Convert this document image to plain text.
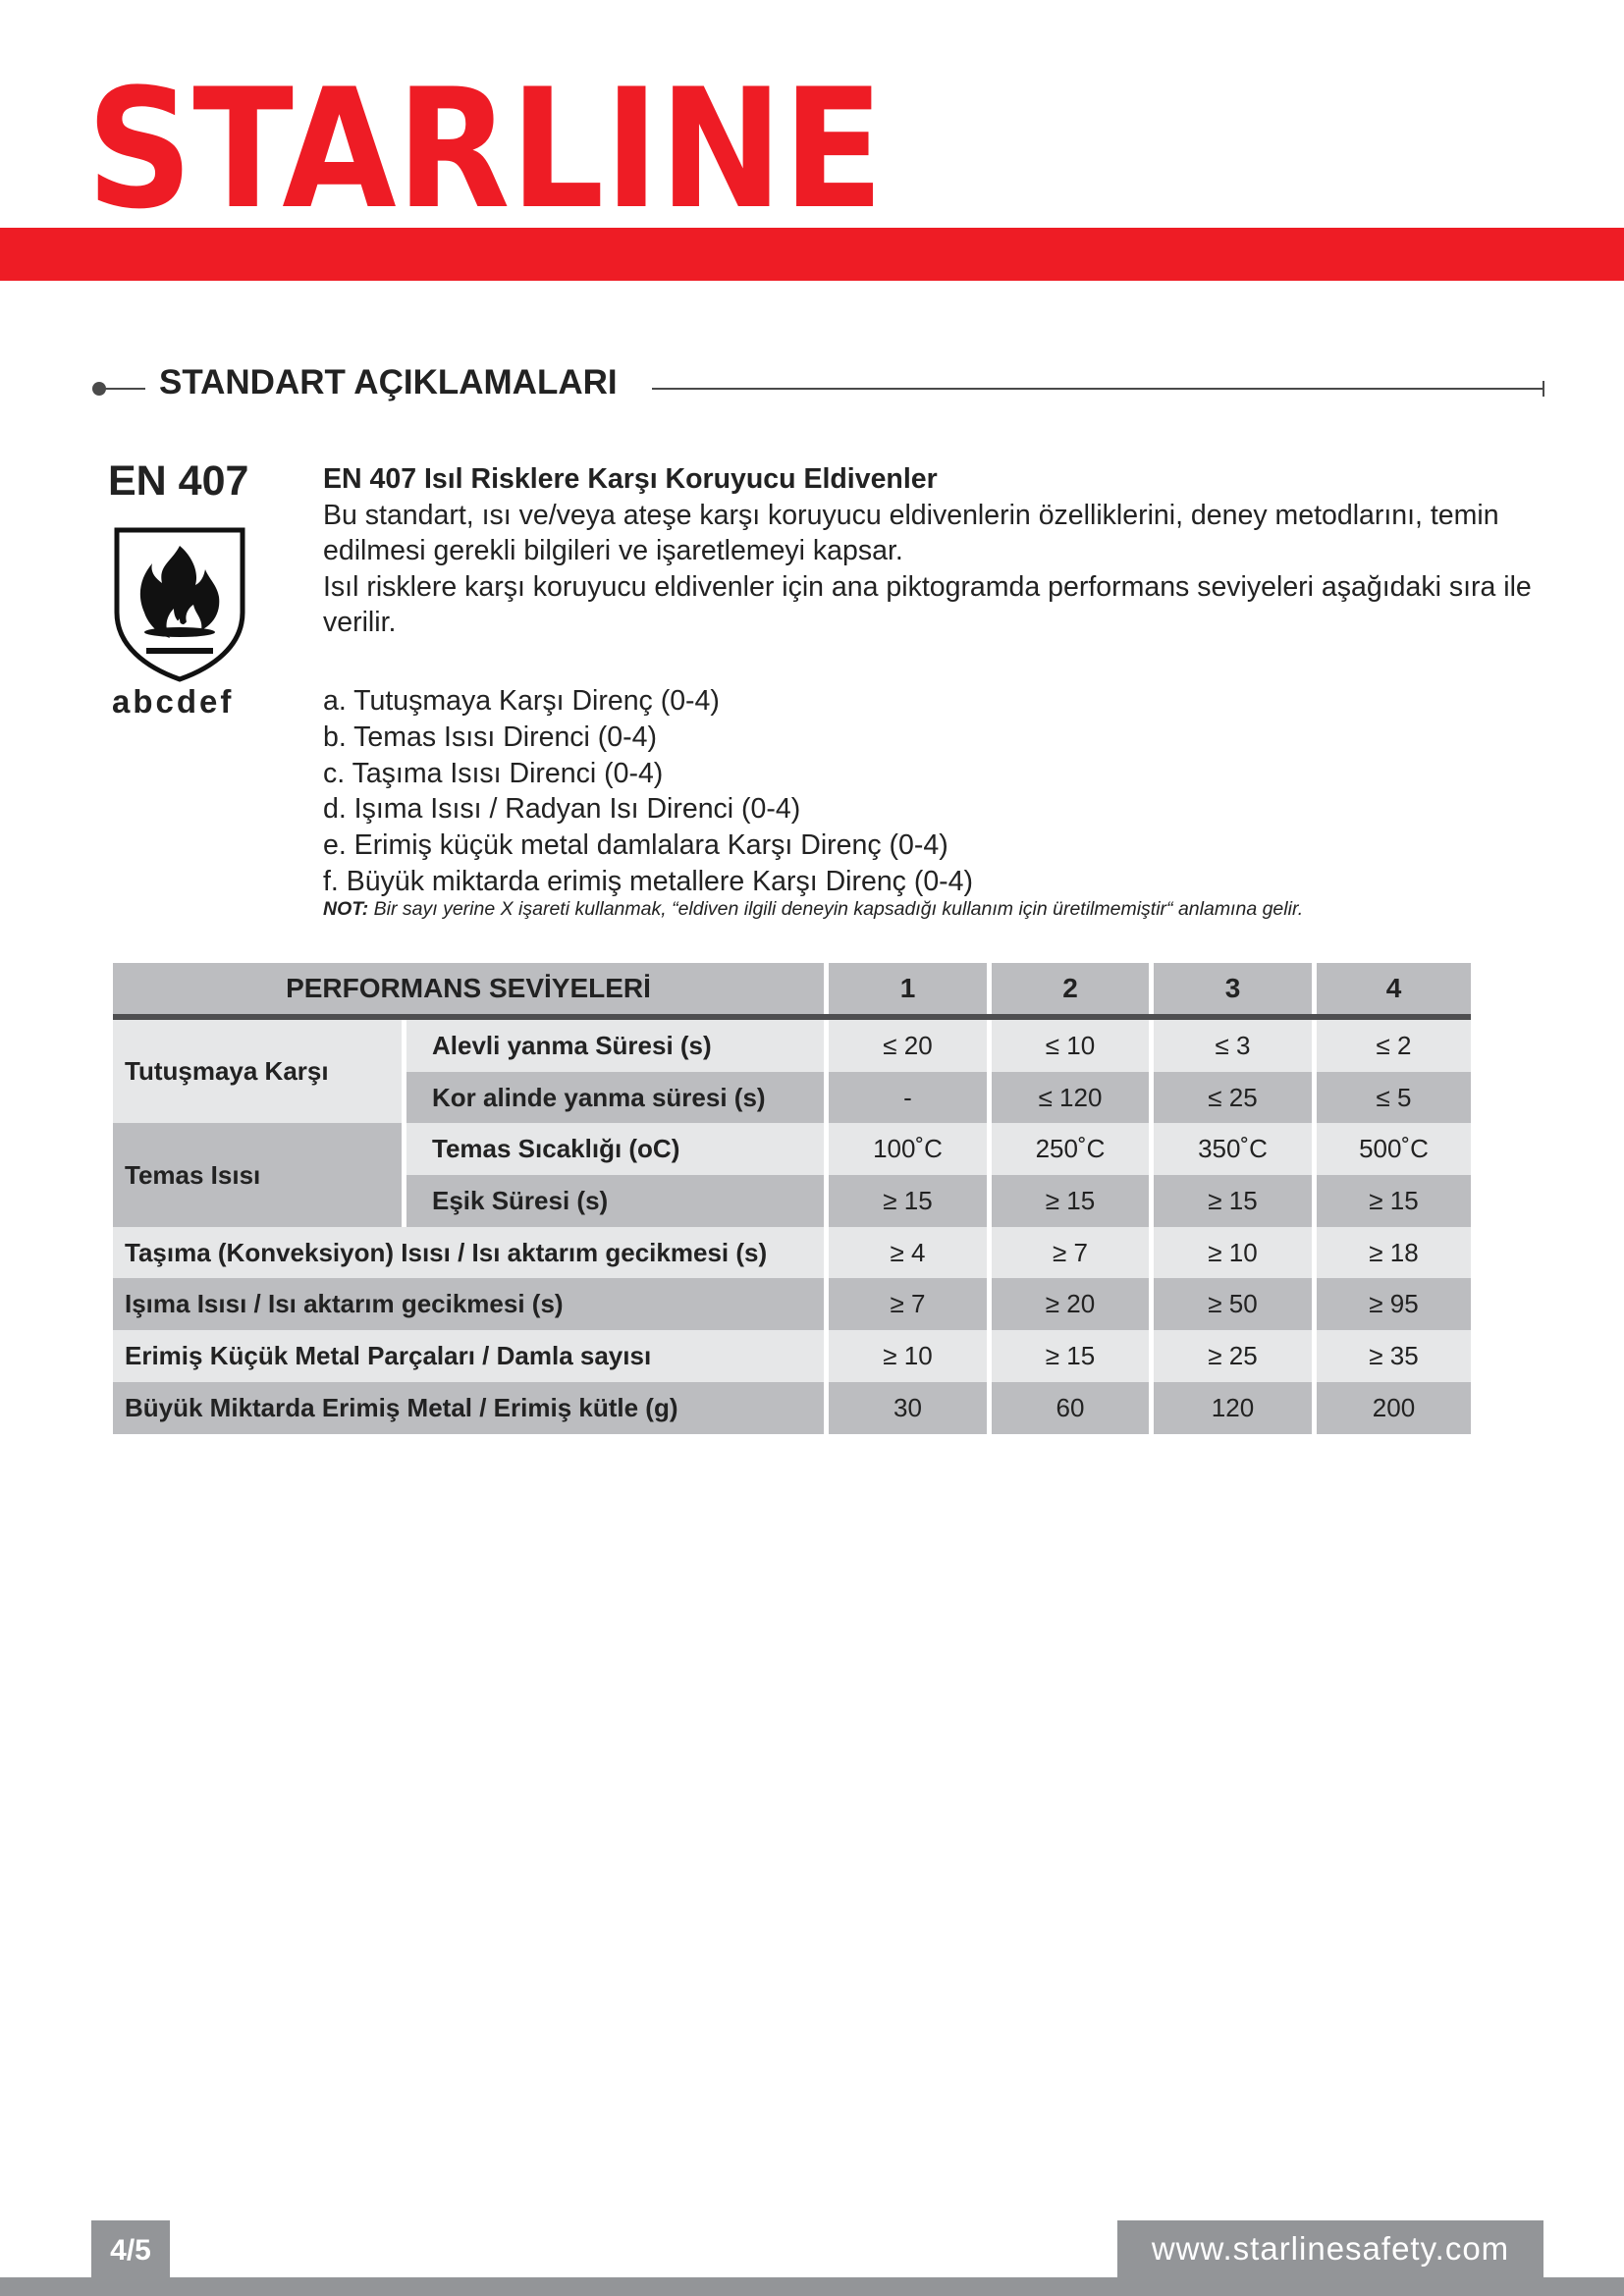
STARLINE
STANDART AÇIKLAMALARI
EN 407
abcdef

EN 407 Isıl Risklere Karşı Koruyucu Eldivenler

Bu standart, ısı ve/veya ateşe karşı koruyucu eldivenlerin özelliklerini, deney metodlarını, temin edilmesi gerekli bilgileri ve işaretlemeyi kapsar.

Isıl risklere karşı koruyucu eldivenler için ana piktogramda performans seviyeleri aşağıdaki sıra ile verilir.

a. Tutuşmaya Karşı Direnç (0-4)
b. Temas Isısı Direnci (0-4)
c. Taşıma Isısı Direnci (0-4)
d. Işıma Isısı / Radyan Isı Direnci (0-4)
e. Erimiş küçük metal damlalara Karşı Direnç (0-4)
f. Büyük miktarda erimiş metallere Karşı Direnç (0-4)
NOT: Bir sayı yerine X işareti kullanmak, “eldiven ilgili deneyin kapsadığı kullanım için üretilmemiştir“ anlamına gelir.
PERFORMANS SEVİYELERİ		1	2	3	4

Tutuşmaya Karşı	Alevli yanma Süresi (s)	≤ 20	≤ 10	≤ 3	≤ 2
	Kor alinde yanma süresi (s)	-	≤ 120	≤ 25	≤ 5
Temas Isısı	Temas Sıcaklığı (oC)	100˚C	250˚C	350˚C	500˚C
	Eşik Süresi (s)	≥ 15	≥ 15	≥ 15	≥ 15
Taşıma (Konveksiyon) Isısı / Isı aktarım gecikmesi (s)		≥ 4	≥ 7	≥ 10	≥ 18
Işıma Isısı / Isı aktarım gecikmesi (s)		≥ 7	≥ 20	≥ 50	≥ 95
Erimiş Küçük Metal Parçaları / Damla sayısı		≥ 10	≥ 15	≥ 25	≥ 35
Büyük Miktarda Erimiş Metal / Erimiş kütle (g)		30	60	120	200
4/5	www.starlinesafety.com
